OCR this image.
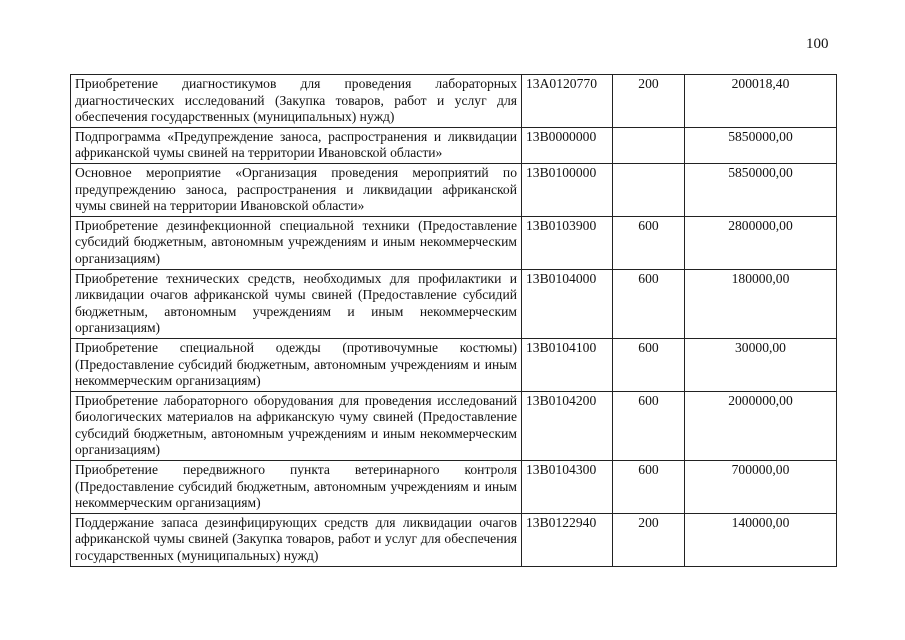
100
Приобретение диагностикумов для проведения лабораторных диагностических исследований (Закупка товаров, работ и услуг для обеспечения государственных (муниципальных) нужд)	13А0120770	200	200018,40
Подпрограмма «Предупреждение заноса, распространения и ликвидации африканской чумы свиней на территории Ивановской области»	13В0000000		5850000,00
Основное мероприятие «Организация проведения мероприятий по предупреждению заноса, распространения и ликвидации африканской чумы свиней на территории Ивановской области»	13В0100000		5850000,00
Приобретение дезинфекционной специальной техники (Предоставление субсидий бюджетным, автономным учреждениям и иным некоммерческим организациям)	13В0103900	600	2800000,00
Приобретение технических средств, необходимых для профилактики и ликвидации очагов африканской чумы свиней (Предоставление субсидий бюджетным, автономным учреждениям и иным некоммерческим организациям)	13В0104000	600	180000,00
Приобретение специальной одежды (противочумные костюмы) (Предоставление субсидий бюджетным, автономным учреждениям и иным некоммерческим организациям)	13В0104100	600	30000,00
Приобретение лабораторного оборудования для проведения исследований биологических материалов на африканскую чуму свиней (Предоставление субсидий бюджетным, автономным учреждениям и иным некоммерческим организациям)	13В0104200	600	2000000,00
Приобретение передвижного пункта ветеринарного контроля (Предоставление субсидий бюджетным, автономным учреждениям и иным некоммерческим организациям)	13В0104300	600	700000,00
Поддержание запаса дезинфицирующих средств для ликвидации очагов африканской чумы свиней (Закупка товаров, работ и услуг для обеспечения государственных (муниципальных) нужд)	13В0122940	200	140000,00
